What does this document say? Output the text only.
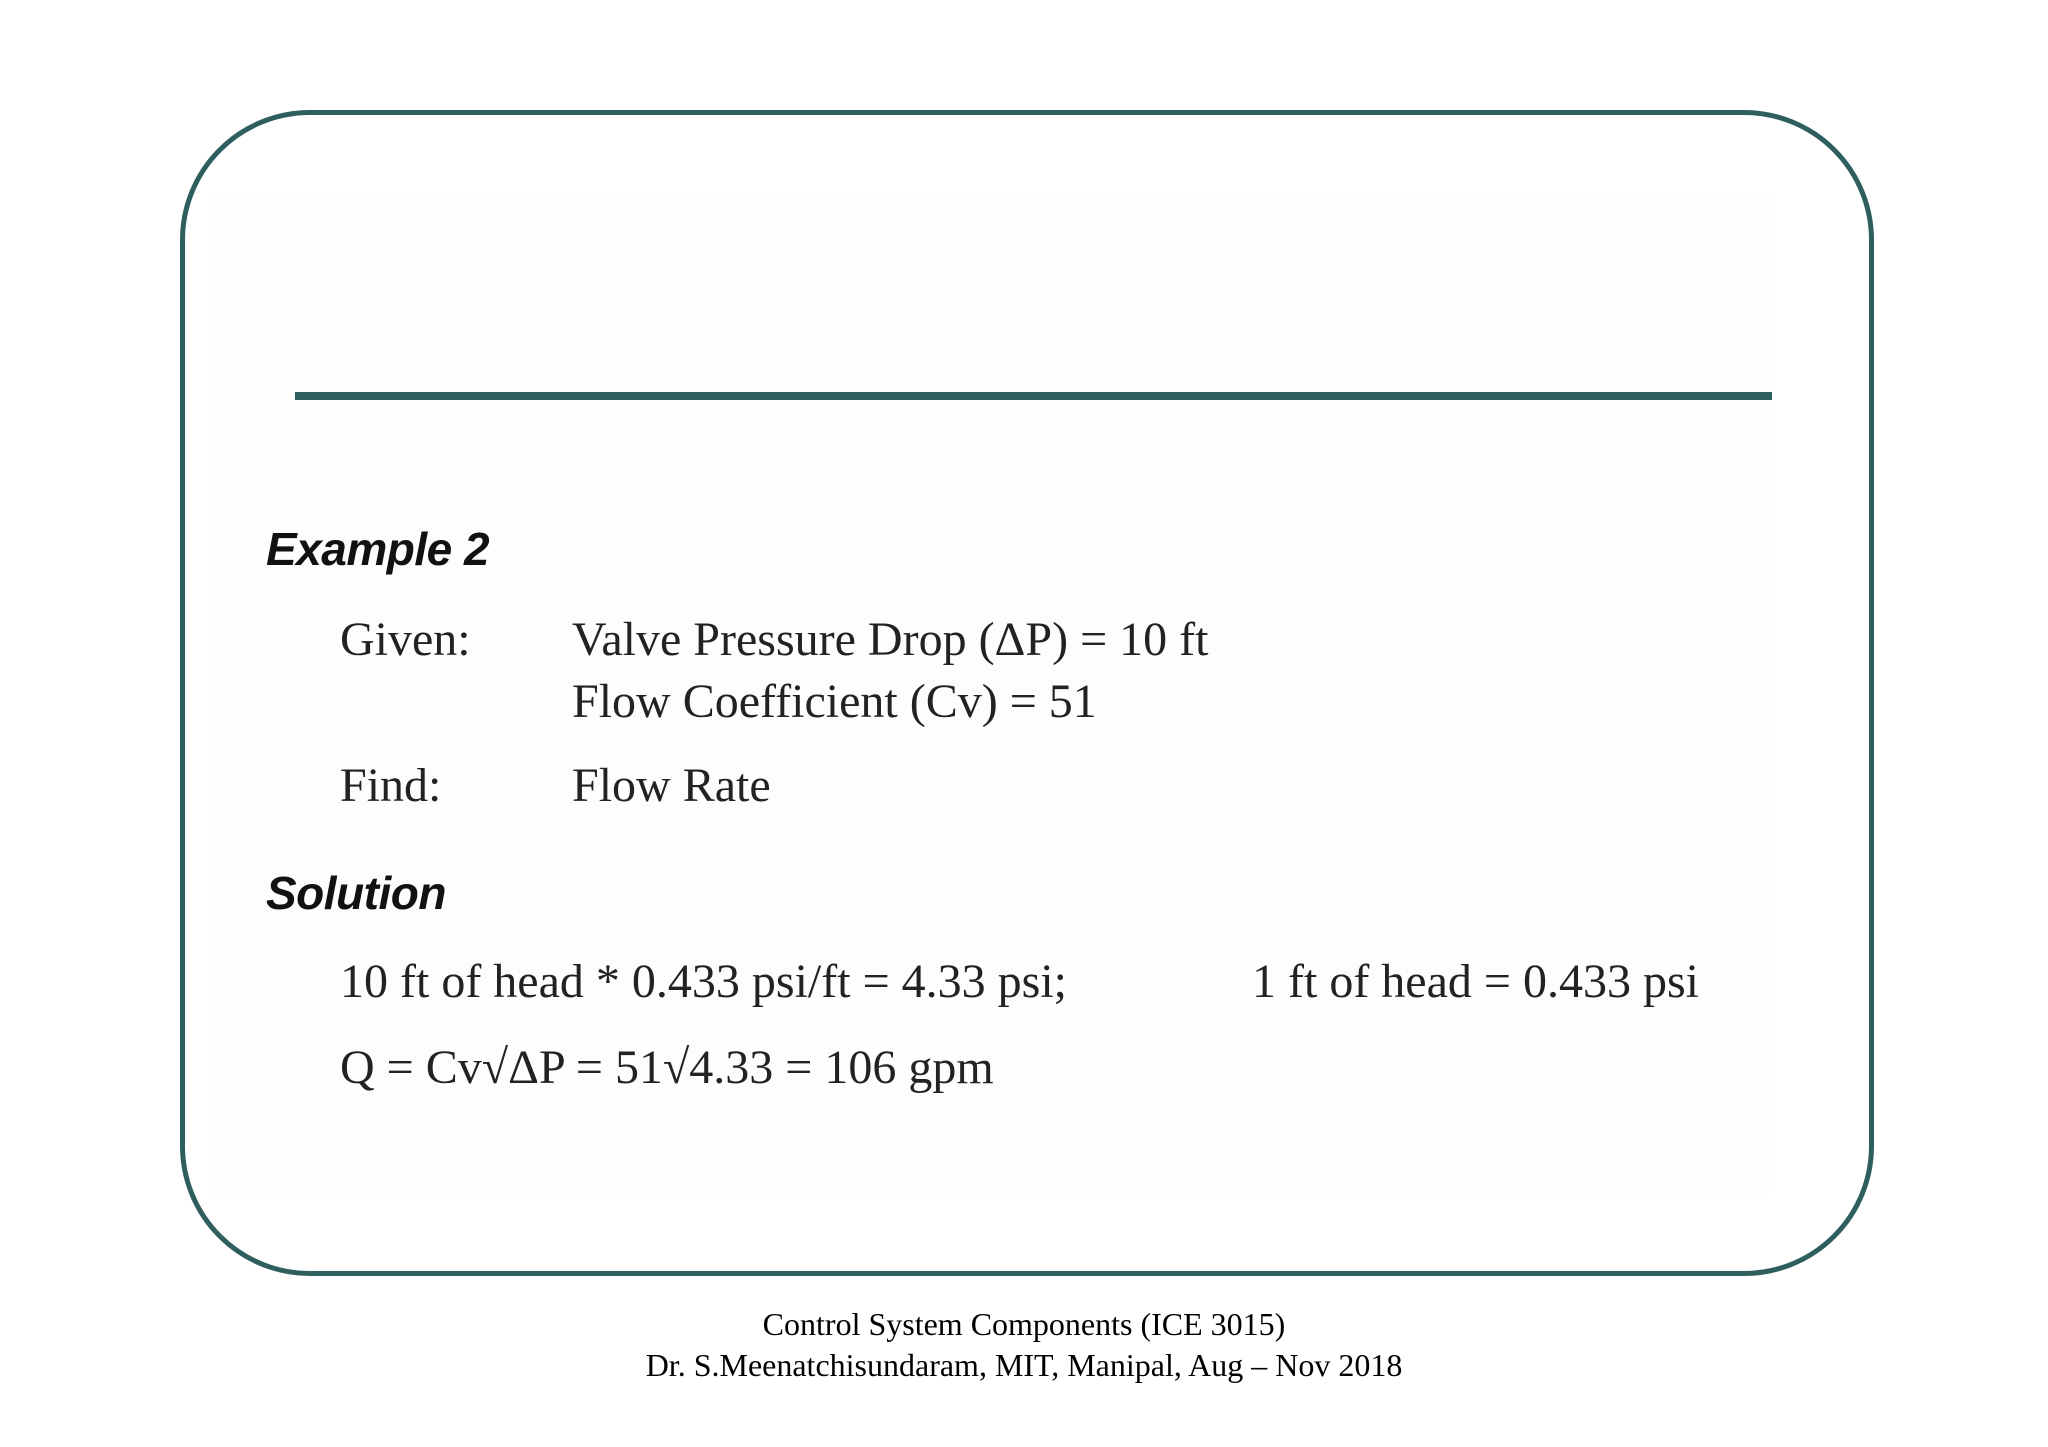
Example 2
Given: Valve Pressure Drop (ΔP) = 10 ft
Flow Coefficient (Cv) = 51
Find:	Flow Rate
Solution
10 ft of head * 0.433 psi/ft = 4.33 psi;	1 ft of head = 0.433 psi
Q = Cv√ΔP = 51√4.33 = 106 gpm
Control System Components (ICE 3015)
Dr. S.Meenatchisundaram, MIT, Manipal, Aug – Nov 2018
